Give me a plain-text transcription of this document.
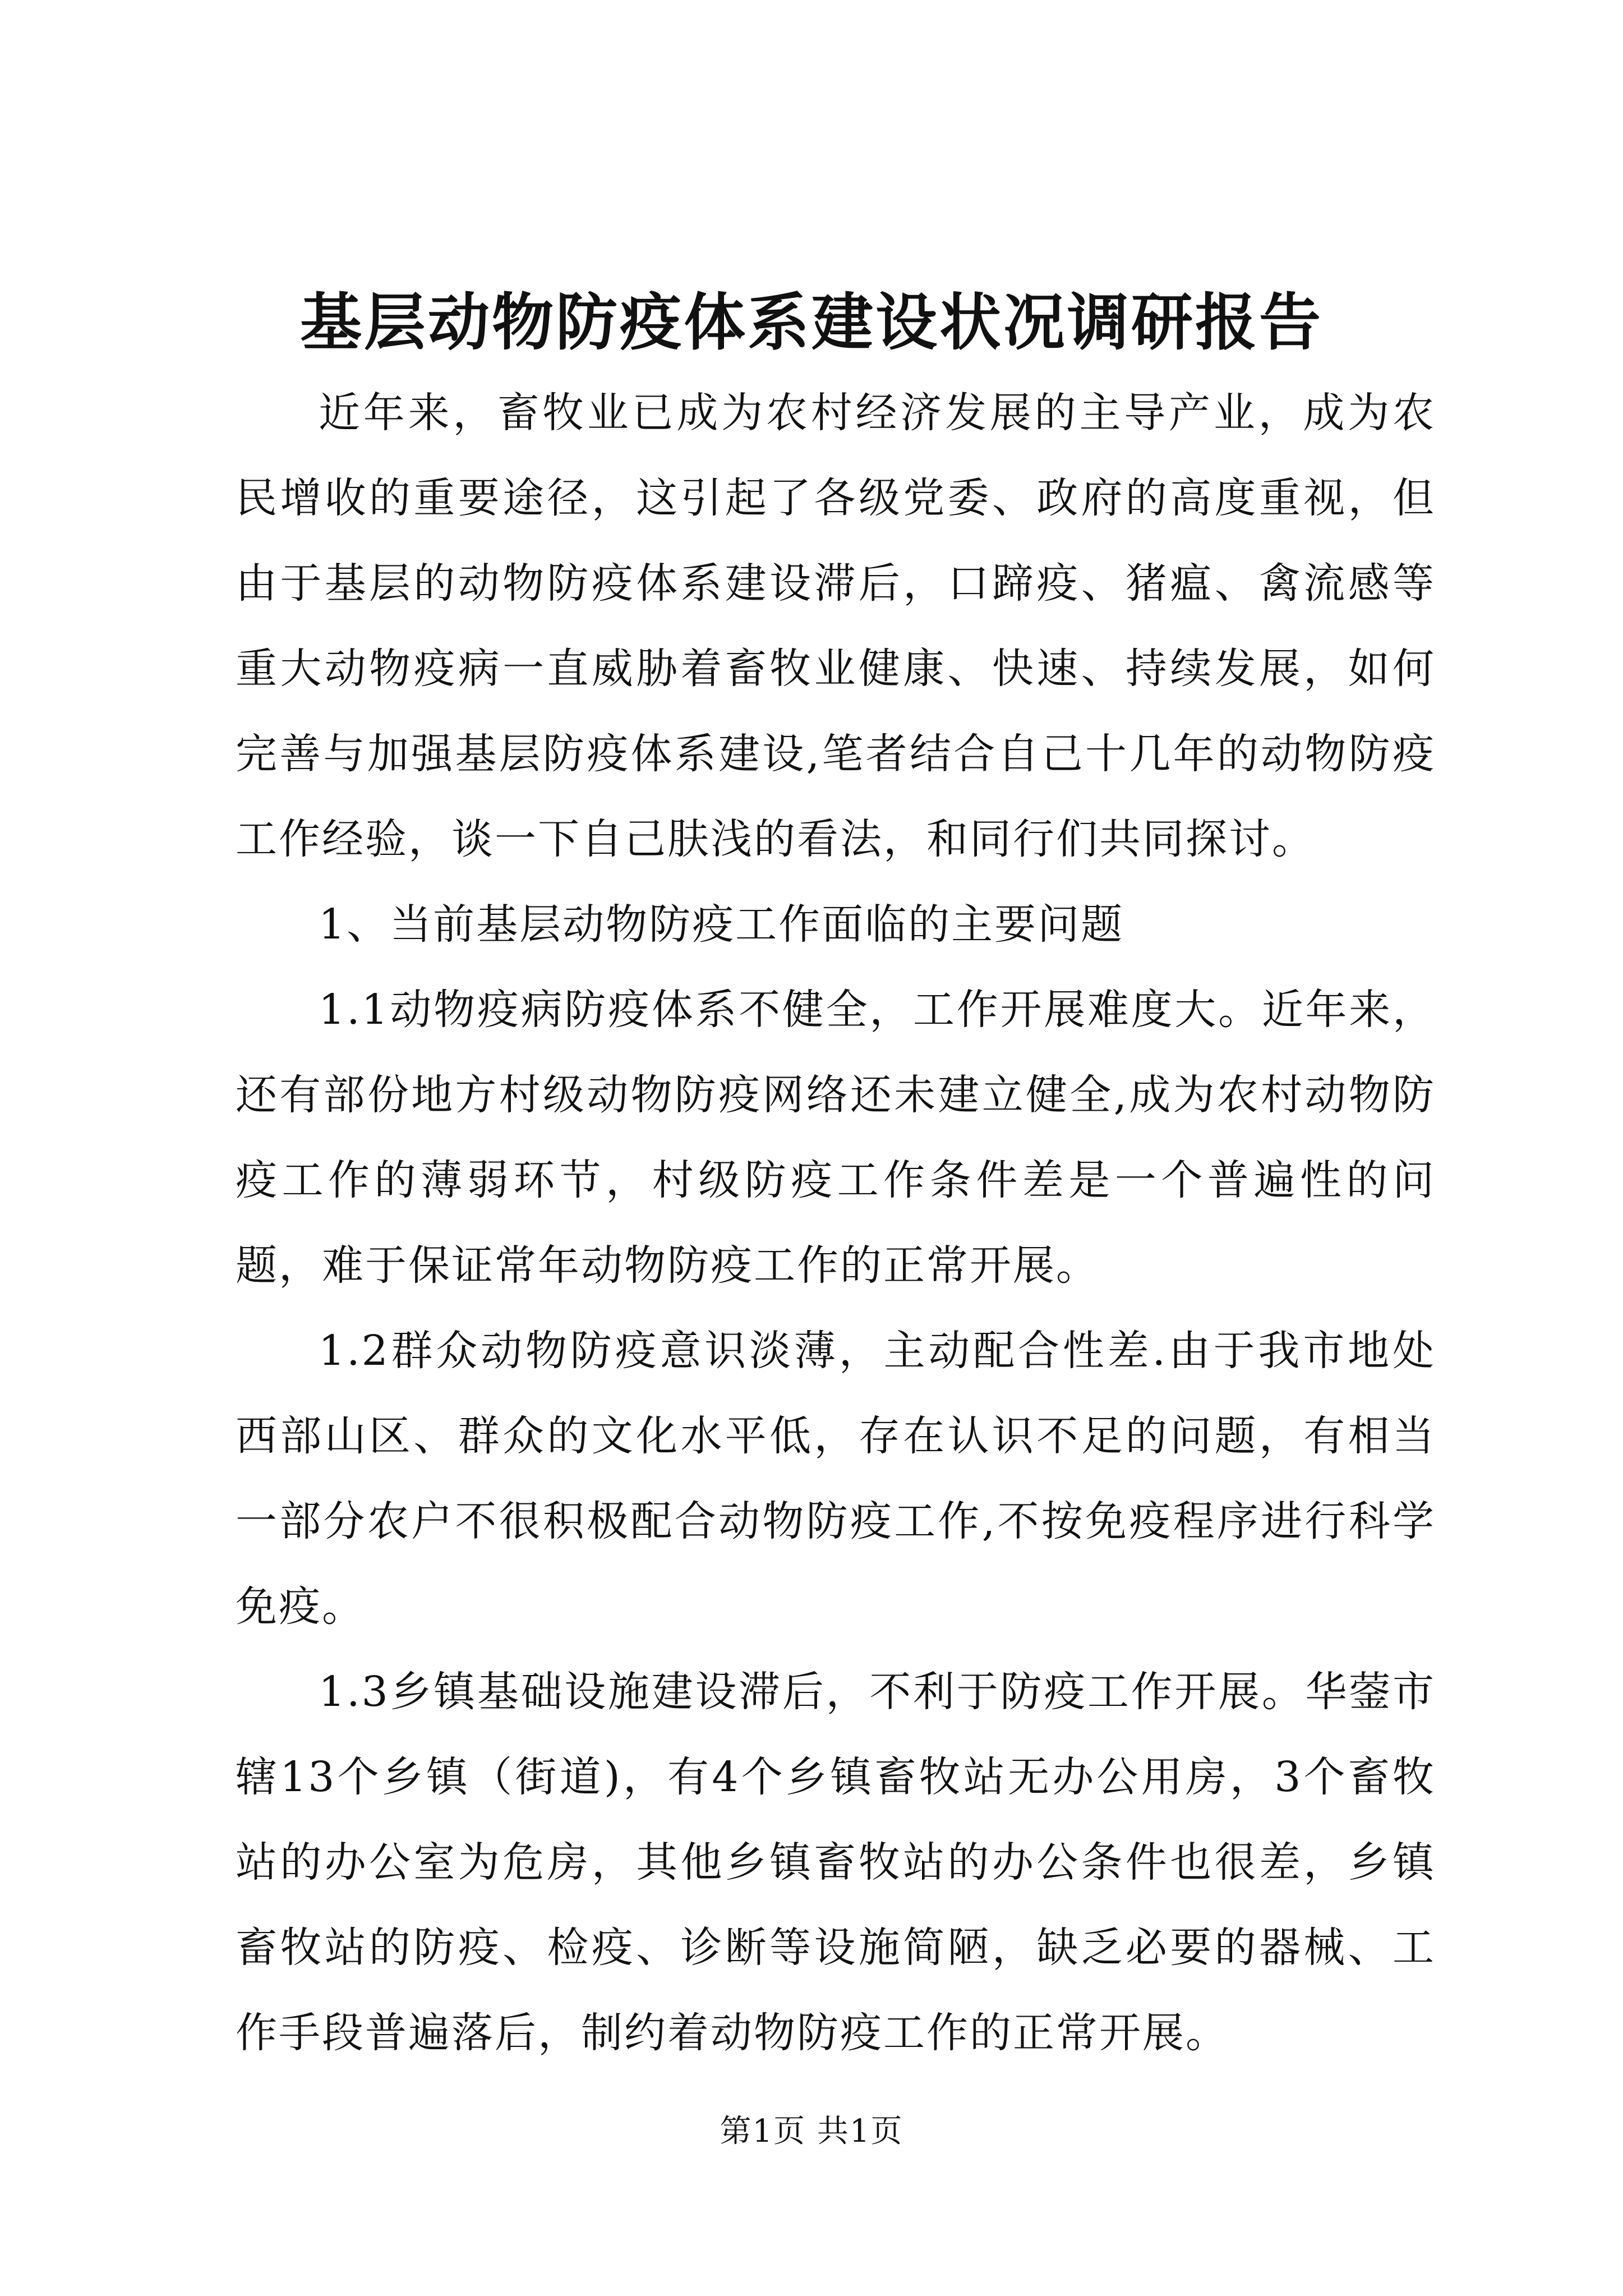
基层动物防疫体系建设状况调研报告

近年来，畜牧业已成为农村经济发展的主导产业，成为农民增收的重要途径，这引起了各级党委、政府的高度重视，但由于基层的动物防疫体系建设滞后，口蹄疫、猪瘟、禽流感等重大动物疫病一直威胁着畜牧业健康、快速、持续发展，如何完善与加强基层防疫体系建设,笔者结合自己十几年的动物防疫工作经验，谈一下自己肤浅的看法，和同行们共同探讨。

1、当前基层动物防疫工作面临的主要问题

1.1动物疫病防疫体系不健全，工作开展难度大。近年来，还有部份地方村级动物防疫网络还未建立健全,成为农村动物防疫工作的薄弱环节，村级防疫工作条件差是一个普遍性的问题，难于保证常年动物防疫工作的正常开展。

1.2群众动物防疫意识淡薄，主动配合性差.由于我市地处西部山区、群众的文化水平低，存在认识不足的问题，有相当一部分农户不很积极配合动物防疫工作,不按免疫程序进行科学免疫。

1.3乡镇基础设施建设滞后，不利于防疫工作开展。华蓥市辖13个乡镇（街道)，有4个乡镇畜牧站无办公用房，3个畜牧站的办公室为危房，其他乡镇畜牧站的办公条件也很差，乡镇畜牧站的防疫、检疫、诊断等设施简陋，缺乏必要的器械、工作手段普遍落后，制约着动物防疫工作的正常开展。

第1页 共1页
